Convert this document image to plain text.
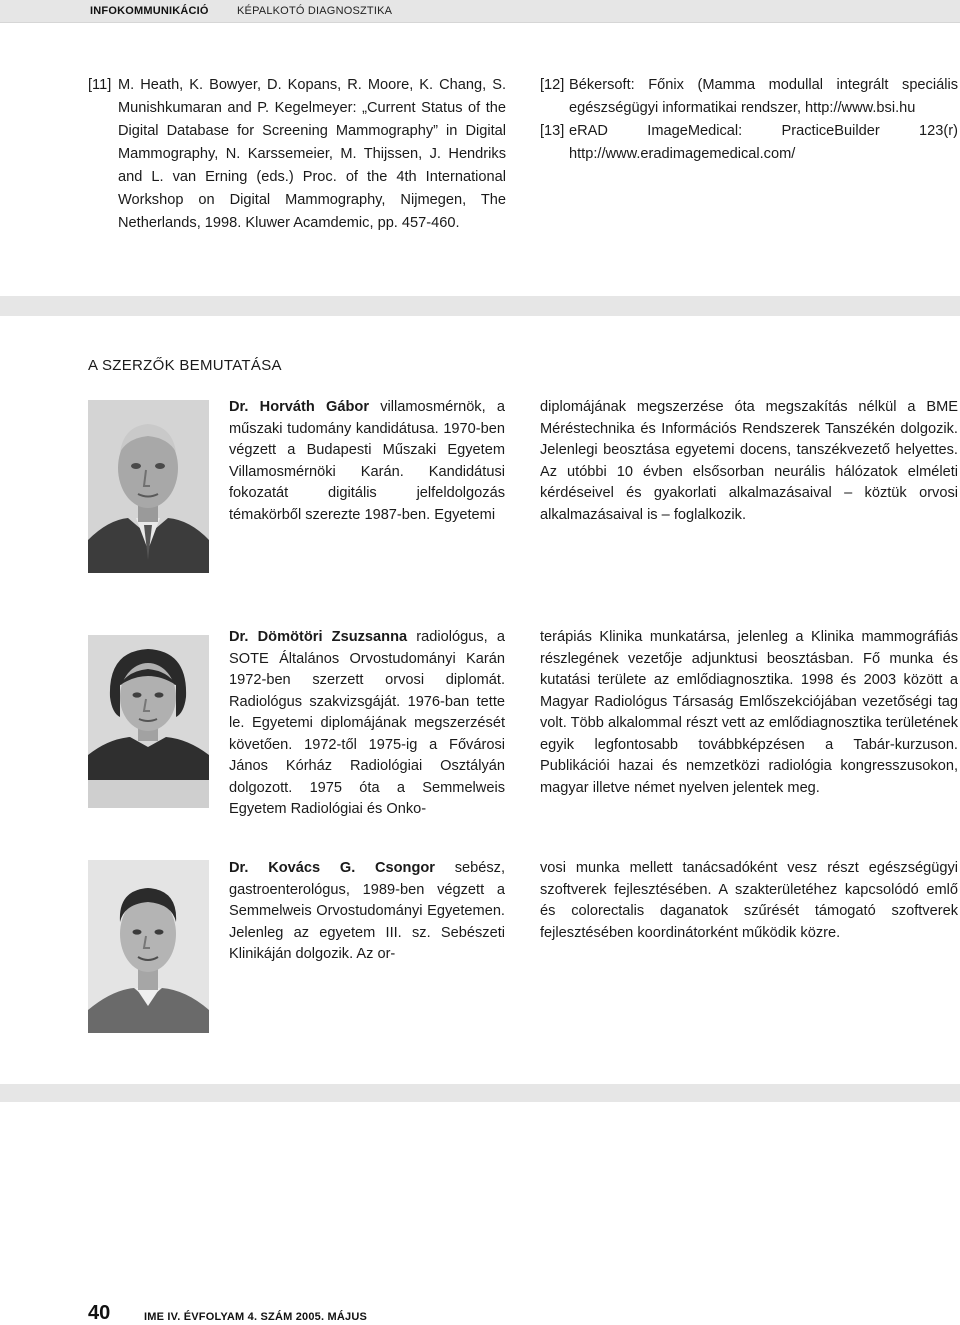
INFOKOMMUNIKÁCIÓ	KÉPALKOTÓ DIAGNOSZTIKA
[11] M. Heath, K. Bowyer, D. Kopans, R. Moore, K. Chang, S. Munishkumaran and P. Kegelmeyer: „Current Status of the Digital Database for Screening Mammography” in Digital Mammography, N. Karssemeier, M. Thijssen, J. Hendriks and L. van Erning (eds.) Proc. of the 4th International Workshop on Digital Mammography, Nijmegen, The Netherlands, 1998. Kluwer Acamdemic, pp. 457-460.
[12] Békersoft: Főnix (Mamma modullal integrált speciális egészségügyi informatikai rendszer, http://www.bsi.hu
[13] eRAD ImageMedical: PracticeBuilder 123(r) http://www.eradimagemedical.com/
A SZERZŐK BEMUTATÁSA
Dr. Horváth Gábor villamosmérnök, a műszaki tudomány kandidátusa. 1970-ben végzett a Budapesti Műszaki Egyetem Villamosmérnöki Karán. Kandidátusi fokozatát digitális jelfeldolgozás témakörből szerezte 1987-ben. Egyetemi
diplomájának megszerzése óta megszakítás nélkül a BME Méréstechnika és Információs Rendszerek Tanszékén dolgozik. Jelenlegi beosztása egyetemi docens, tanszékvezető helyettes. Az utóbbi 10 évben elsősorban neurális hálózatok elméleti kérdéseivel és gyakorlati alkalmazásaival – köztük orvosi alkalmazásaival is – foglalkozik.
Dr. Dömötöri Zsuzsanna radiológus, a SOTE Általános Orvostudományi Karán 1972-ben szerzett orvosi diplomát. Radiológus szakvizsgáját. 1976-ban tette le. Egyetemi diplomájának megszerzését követően. 1972-től 1975-ig a Fővárosi János Kórház Radiológiai Osztályán dolgozott. 1975 óta a Semmelweis Egyetem Radiológiai és Onko-
terápiás Klinika munkatársa, jelenleg a Klinika mammográfiás részlegének vezetője adjunktusi beosztásban. Fő munka és kutatási területe az emlődiagnosztika. 1998 és 2003 között a Magyar Radiológus Társaság Emlőszekciójában vezetőségi tag volt. Több alkalommal részt vett az emlődiagnosztika területének egyik legfontosabb továbbképzésen a Tabár-kurzuson. Publikációi hazai és nemzetközi radiológia kongresszusokon, magyar illetve német nyelven jelentek meg.
Dr. Kovács G. Csongor sebész, gastroenterológus, 1989-ben végzett a Semmelweis Orvostudományi Egyetemen. Jelenleg az egyetem III. sz. Sebészeti Klinikáján dolgozik. Az or-
vosi munka mellett tanácsadóként vesz részt egészségügyi szoftverek fejlesztésében. A szakterületéhez kapcsolódó emlő és colorectalis daganatok szűrését támogató szoftverek fejlesztésében koordinátorként működik közre.
40	IME IV. ÉVFOLYAM 4. SZÁM 2005. MÁJUS
